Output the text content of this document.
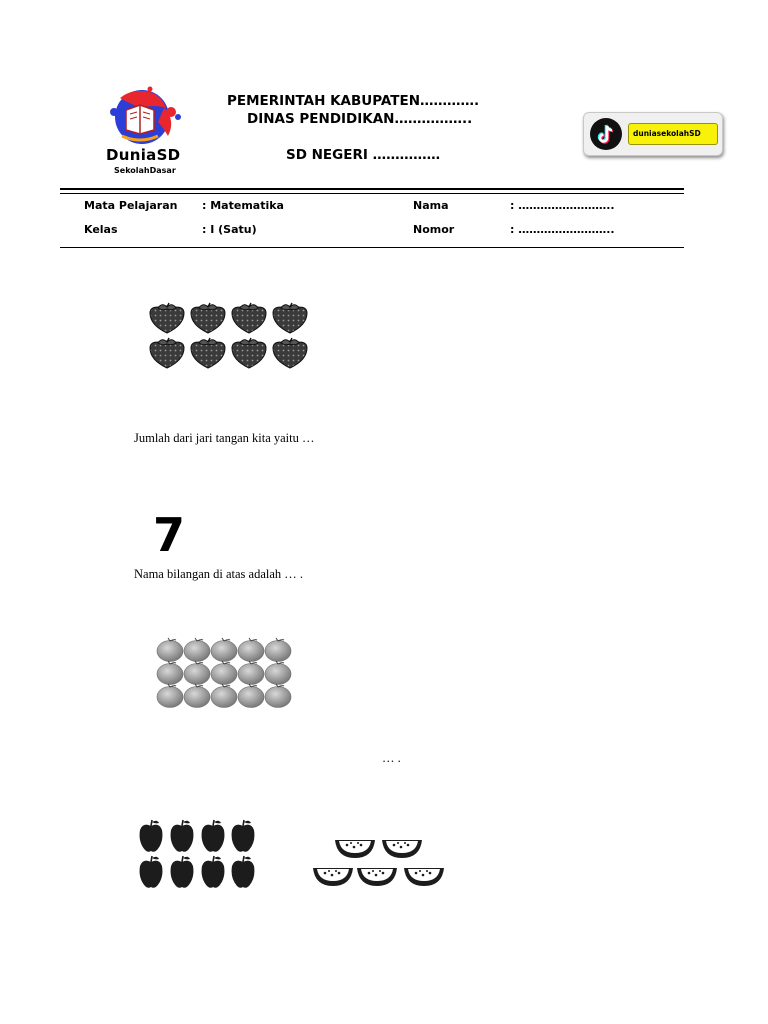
DuniaSD
SekolahDasar
PEMERINTAH KABUPATEN………….
DINAS PENDIDIKAN……………..
SD NEGERI ……………
duniasekolahSD
Mata Pelajaran : Matematika	Nama	: ……………………..
Kelas	: I (Satu)	Nomor	: ……………………..
Jumlah dari jari tangan kita yaitu …
7
Nama bilangan di atas adalah … .
… .
